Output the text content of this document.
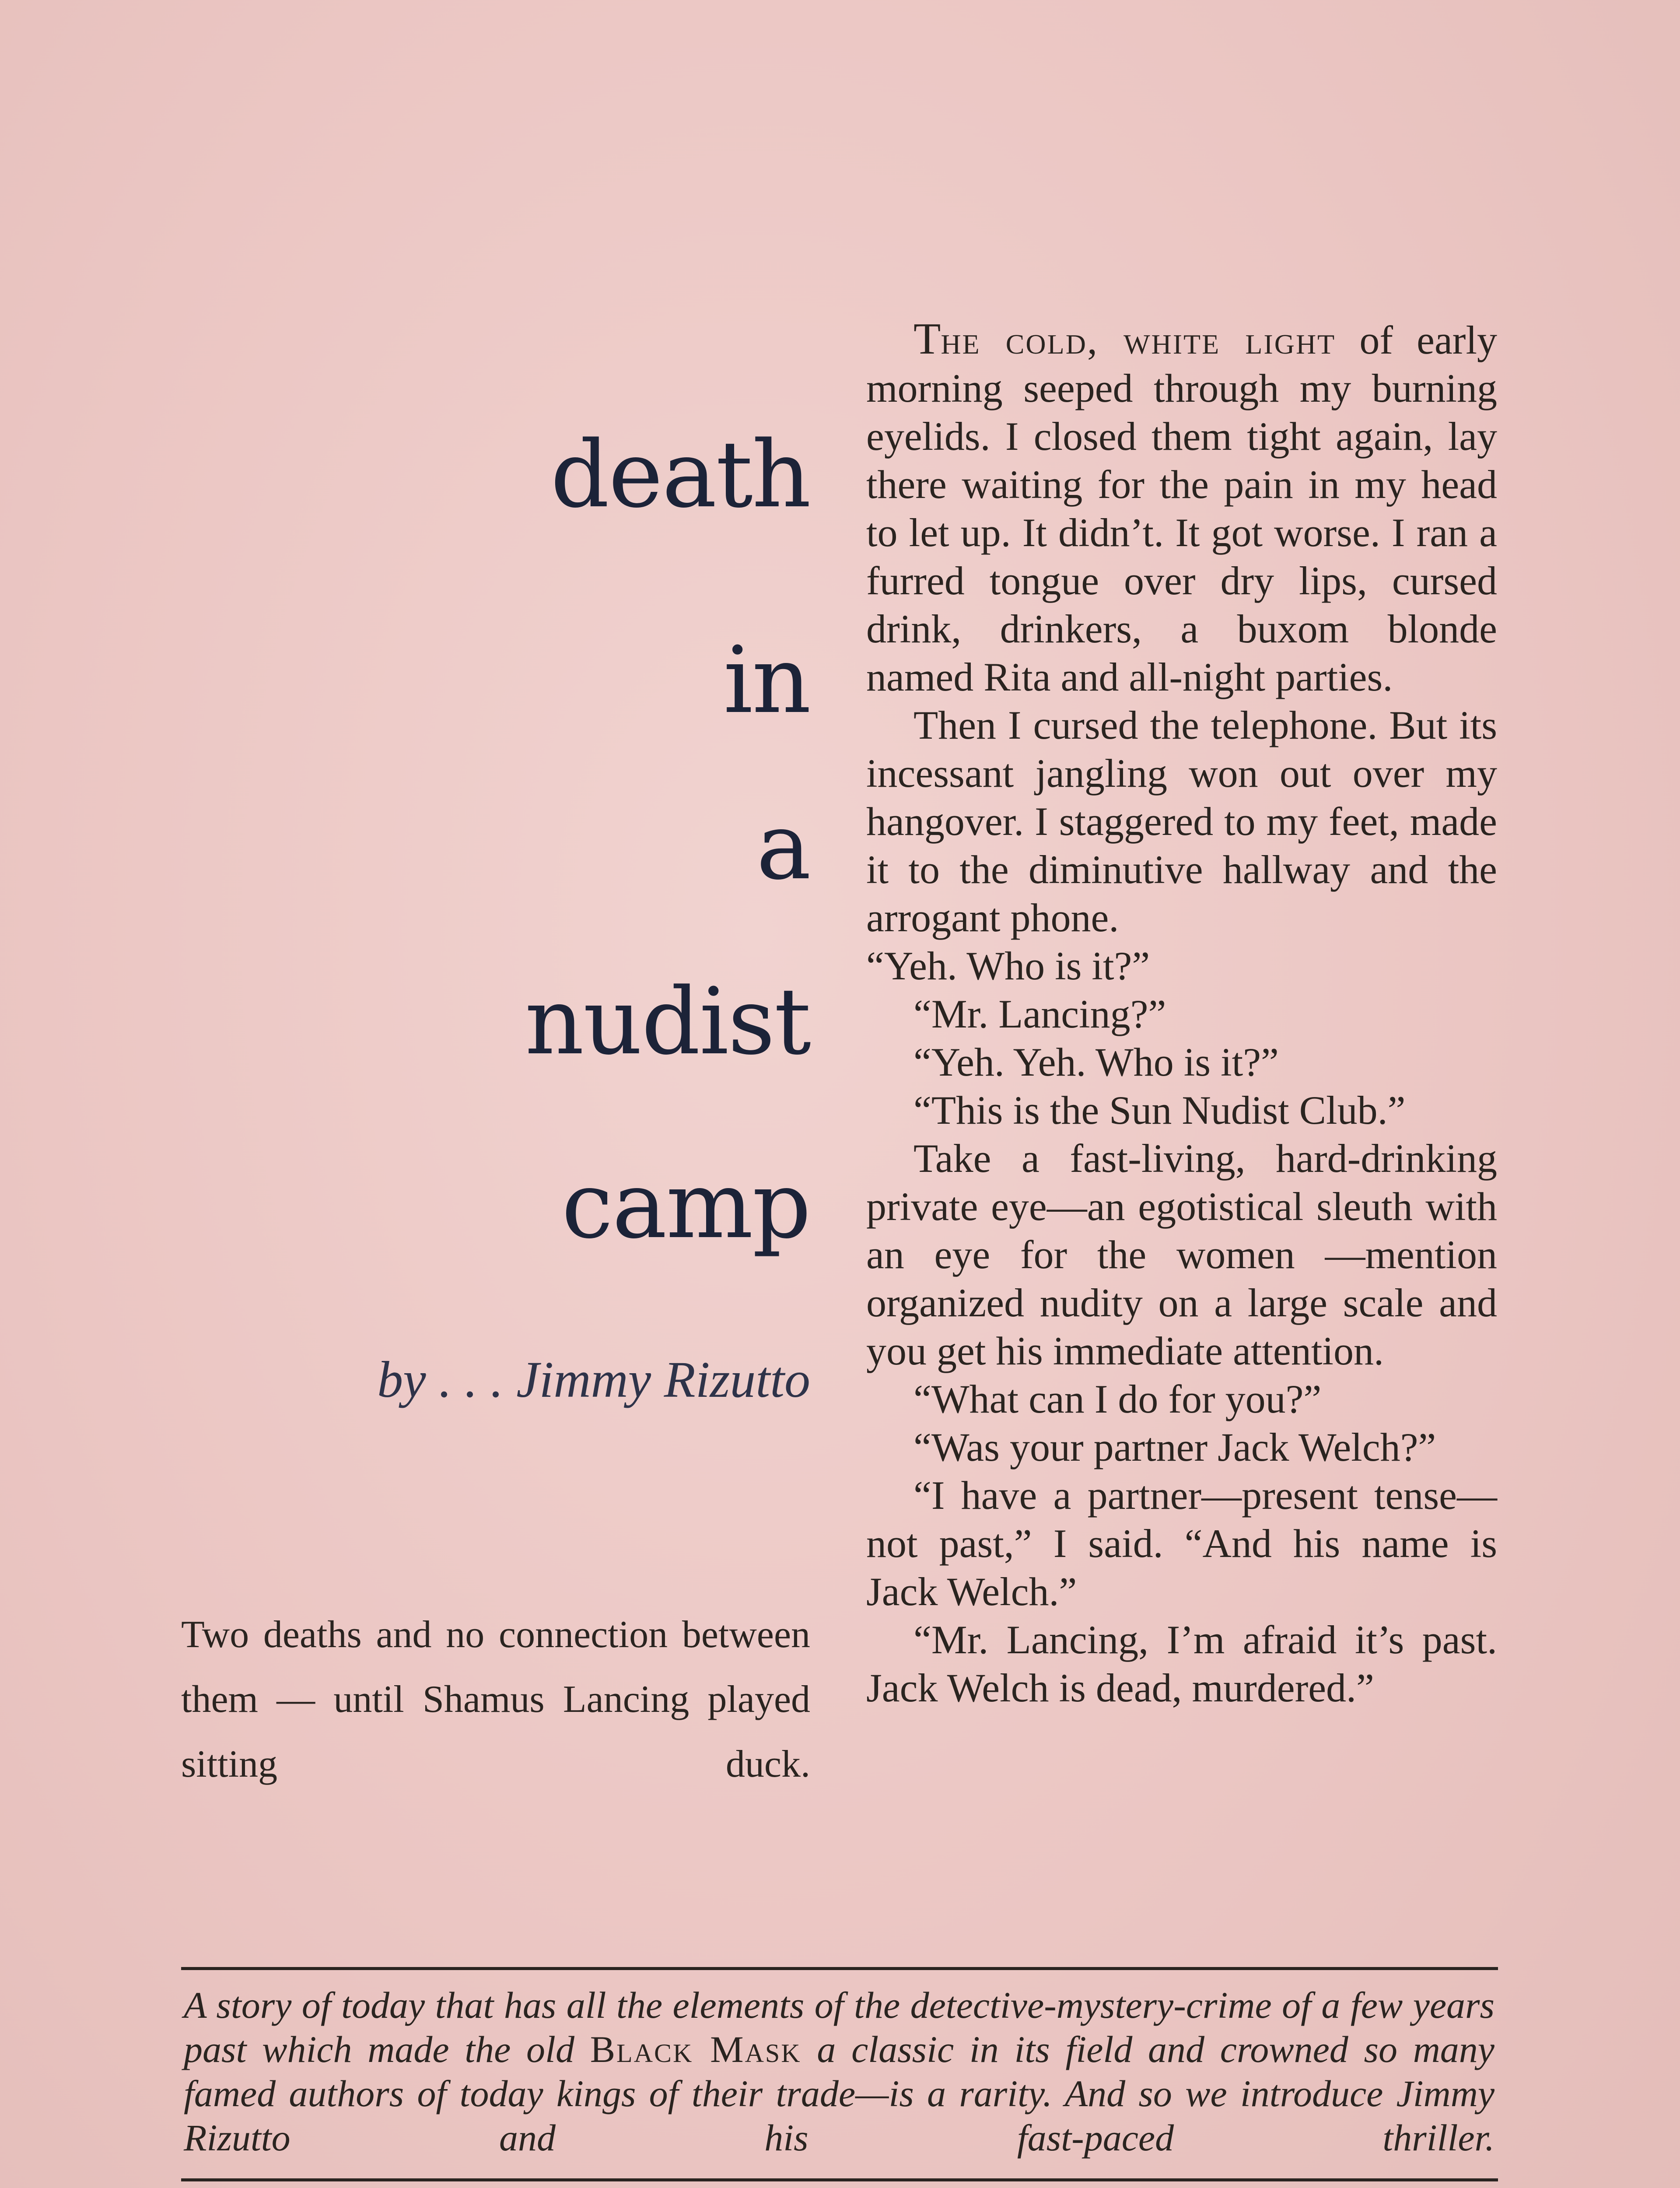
death
in
a
nudist
camp

by . . . Jimmy Rizutto

Two deaths and no connection between them — until Shamus Lancing played sitting duck.

The cold, white light of early morning seeped through my burning eyelids. I closed them tight again, lay there waiting for the pain in my head to let up. It didn’t. It got worse. I ran a furred tongue over dry lips, cursed drink, drinkers, a buxom blonde named Rita and all-night parties.

Then I cursed the telephone. But its incessant jangling won out over my hangover. I staggered to my feet, made it to the diminutive hallway and the arrogant phone.

“Yeh. Who is it?”

“Mr. Lancing?”

“Yeh. Yeh. Who is it?”

“This is the Sun Nudist Club.”

Take a fast-living, hard-drinking private eye—an egotistical sleuth with an eye for the women —mention organized nudity on a large scale and you get his immediate attention.

“What can I do for you?”

“Was your partner Jack Welch?”

“I have a partner—present tense—not past,” I said. “And his name is Jack Welch.”

“Mr. Lancing, I’m afraid it’s past. Jack Welch is dead, murdered.”

A story of today that has all the elements of the detective-mystery-crime of a few years past which made the old Black Mask a classic in its field and crowned so many famed authors of today kings of their trade—is a rarity. And so we introduce Jimmy Rizutto and his fast-paced thriller.
